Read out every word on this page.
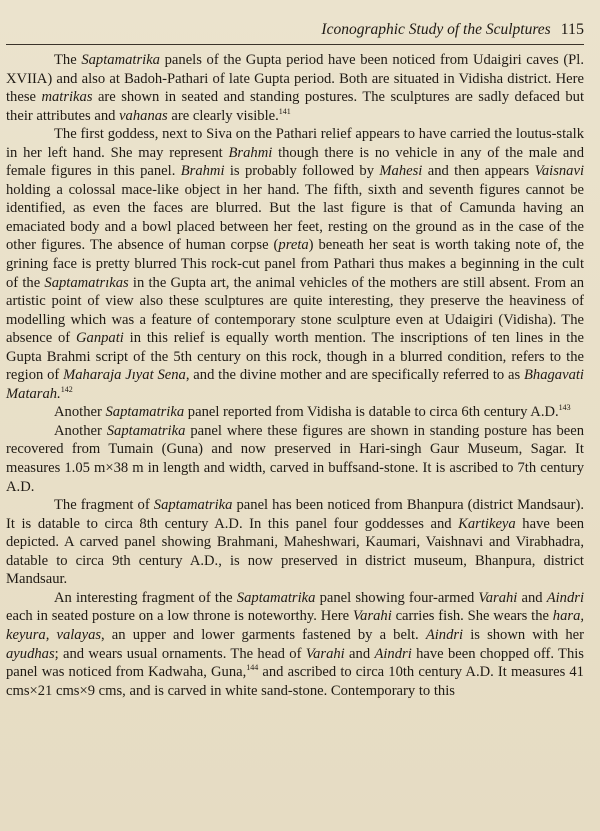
Iconographic Study of the Sculptures 115

The Saptamatrika panels of the Gupta period have been noticed from Udaigiri caves (Pl. XVIIA) and also at Badoh-Pathari of late Gupta period. Both are situated in Vidisha district. Here these matrikas are shown in seated and standing postures. The sculptures are sadly defaced but their attributes and vahanas are clearly visible.$^{141}$

The first goddess, next to Siva on the Pathari relief appears to have carried the loutus-stalk in her left hand. She may represent Brahmi though there is no vehicle in any of the male and female figures in this panel. Brahmi is probably followed by Mahesi and then appears Vaisnavi holding a colossal mace-like object in her hand. The fifth, sixth and seventh figures cannot be identified, as even the faces are blurred. But the last figure is that of Camunda having an emaciated body and a bowl placed between her feet, resting on the ground as in the case of the other figures. The absence of human corpse (preta) beneath her seat is worth taking note of, the grining face is pretty blurred This rock-cut panel from Pathari thus makes a beginning in the cult of the Saptamatrıkas in the Gupta art, the animal vehicles of the mothers are still absent. From an artistic point of view also these sculptures are quite interesting, they preserve the heaviness of modelling which was a feature of contemporary stone sculpture even at Udaigiri (Vidisha). The absence of Ganpati in this relief is equally worth mention. The inscriptions of ten lines in the Gupta Brahmi script of the 5th century on this rock, though in a blurred condition, refers to the region of Maharaja Jıyat Sena, and the divine mother and are specifically referred to as Bhagavati Matarah.$^{142}$

Another Saptamatrika panel reported from Vidisha is datable to circa 6th century A.D.$^{143}$

Another Saptamatrika panel where these figures are shown in standing posture has been recovered from Tumain (Guna) and now preserved in Hari-singh Gaur Museum, Sagar. It measures 1.05 m×38 m in length and width, carved in buffsand-stone. It is ascribed to 7th century A.D.

The fragment of Saptamatrika panel has been noticed from Bhanpura (district Mandsaur). It is datable to circa 8th century A.D. In this panel four goddesses and Kartikeya have been depicted. A carved panel showing Brahmani, Maheshwari, Kaumari, Vaishnavi and Virabhadra, datable to circa 9th century A.D., is now preserved in district museum, Bhanpura, district Mandsaur.

An interesting fragment of the Saptamatrika panel showing four-armed Varahi and Aindri each in seated posture on a low throne is noteworthy. Here Varahi carries fish. She wears the hara, keyura, valayas, an upper and lower garments fastened by a belt. Aindri is shown with her ayudhas; and wears usual ornaments. The head of Varahi and Aindri have been chopped off. This panel was noticed from Kadwaha, Guna,$^{144}$ and ascribed to circa 10th century A.D. It measures 41 cms×21 cms×9 cms, and is carved in white sand-stone. Contemporary to this
